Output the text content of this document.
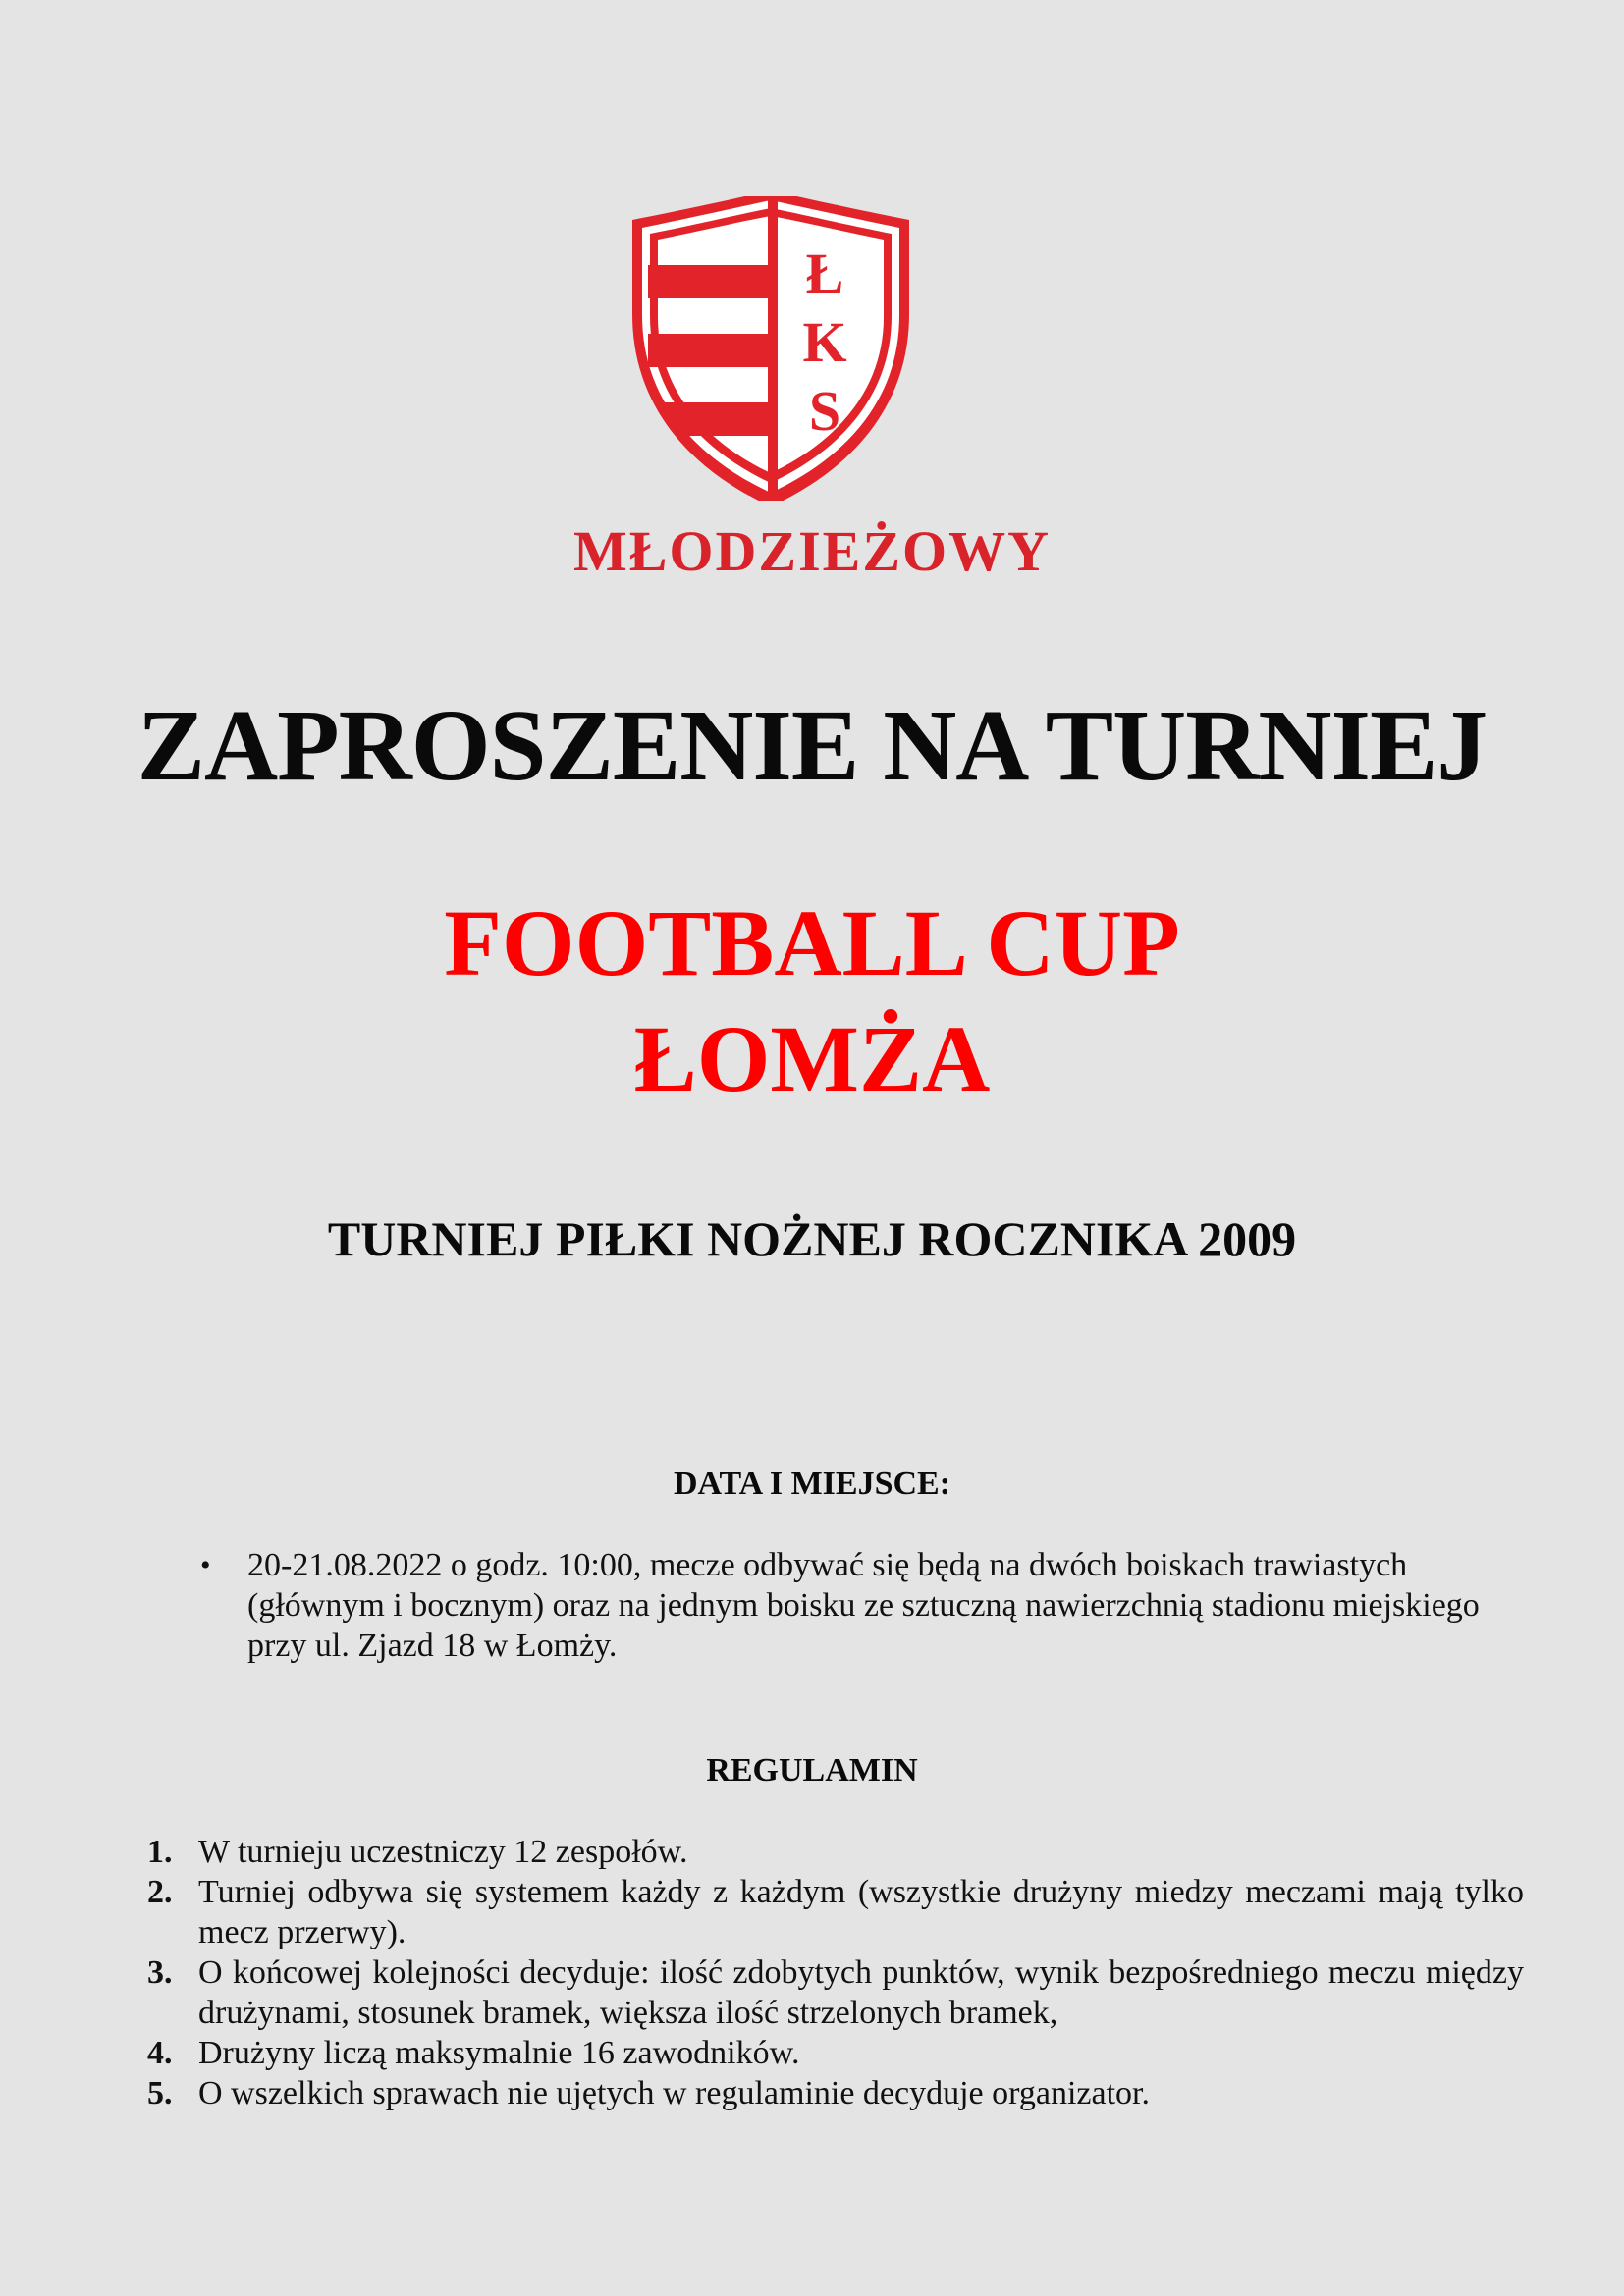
Ł
K
S
MŁODZIEŻOWY
ZAPROSZENIE NA TURNIEJ
FOOTBALL CUP
ŁOMŻA
TURNIEJ PIŁKI NOŻNEJ ROCZNIKA 2009
DATA I MIEJSCE:
• 20-21.08.2022 o godz. 10:00, mecze odbywać się będą na dwóch boiskach trawiastych (głównym i bocznym) oraz na jednym boisku ze sztuczną nawierzchnią stadionu miejskiego przy ul. Zjazd 18 w Łomży.
REGULAMIN
1. W turnieju uczestniczy 12 zespołów.
2. Turniej odbywa się systemem każdy z każdym (wszystkie drużyny miedzy meczami mają tylko mecz przerwy).
3. O końcowej kolejności decyduje: ilość zdobytych punktów, wynik bezpośredniego meczu między drużynami, stosunek bramek, większa ilość strzelonych bramek,
4. Drużyny liczą maksymalnie 16 zawodników.
5. O wszelkich sprawach nie ujętych w regulaminie decyduje organizator.
